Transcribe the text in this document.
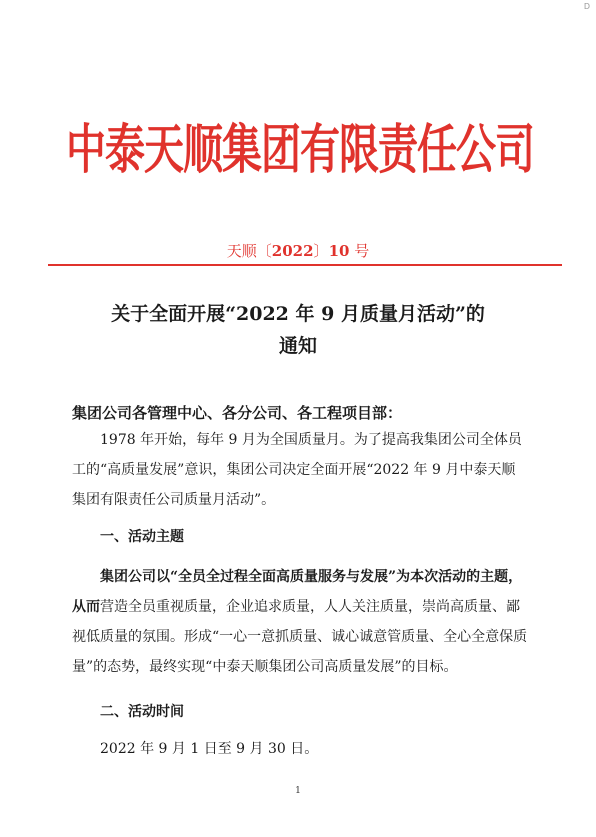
D
中泰天顺集团有限责任公司
天顺〔2022〕10 号
关于全面开展“2022 年 9 月质量月活动”的
通知
集团公司各管理中心、各分公司、各工程项目部：
1978 年开始，每年 9 月为全国质量月。为了提高我集团公司全体员工的“高质量发展”意识，集团公司决定全面开展“2022 年 9 月中泰天顺集团有限责任公司质量月活动”。
一、活动主题
集团公司以“全员全过程全面高质量服务与发展”为本次活动的主题，从而营造全员重视质量，企业追求质量，人人关注质量，崇尚高质量、鄙视低质量的氛围。形成“一心一意抓质量、诚心诚意管质量、全心全意保质量”的态势，最终实现“中泰天顺集团公司高质量发展”的目标。
二、活动时间
2022 年 9 月 1 日至 9 月 30 日。
1
